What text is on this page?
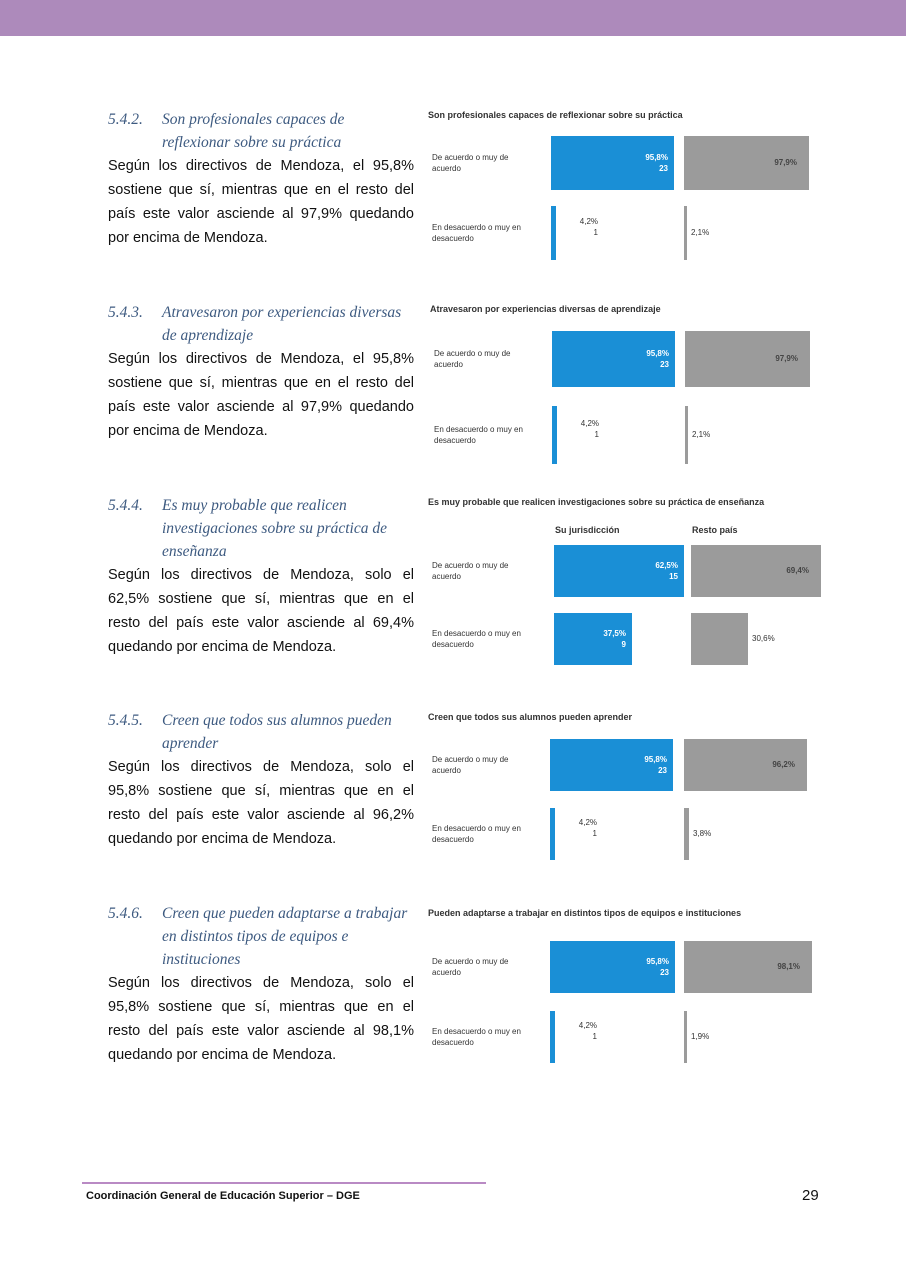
5.4.2.	Son profesionales capaces de reflexionar sobre su práctica

Según los directivos de Mendoza, el 95,8% sostiene que sí, mientras que en el resto del país este valor asciende al 97,9% quedando por encima de Mendoza.

Son profesionales capaces de reflexionar sobre su práctica
De acuerdo o muy de acuerdo
95,8%
23
97,9%
En desacuerdo o muy en desacuerdo
4,2%
1	2,1%
5.4.3.	Atravesaron por experiencias diversas de aprendizaje

Según los directivos de Mendoza, el 95,8% sostiene que sí, mientras que en el resto del país este valor asciende al 97,9% quedando por encima de Mendoza.

Atravesaron por experiencias diversas de aprendizaje
De acuerdo o muy de acuerdo
95,8%
23
97,9%
En desacuerdo o muy en desacuerdo
4,2%
1	2,1%
5.4.4.	Es muy probable que realicen investigaciones sobre su práctica de enseñanza

Según los directivos de Mendoza, solo el 62,5% sostiene que sí, mientras que en el resto del país este valor asciende al 69,4% quedando por encima de Mendoza.

Es muy probable que realicen investigaciones sobre su práctica de enseñanza
Su jurisdicción	Resto país
De acuerdo o muy de acuerdo
62,5%
15
69,4%
En desacuerdo o muy en desacuerdo
37,5%
9
30,6%
5.4.5.	Creen que todos sus alumnos pueden aprender

Según los directivos de Mendoza, solo el 95,8% sostiene que sí, mientras que en el resto del país este valor asciende al 96,2% quedando por encima de Mendoza.

Creen que todos sus alumnos pueden aprender
De acuerdo o muy de acuerdo
95,8%
23
96,2%
En desacuerdo o muy en desacuerdo
4,2%
1	3,8%
5.4.6.	Creen que pueden adaptarse a trabajar en distintos tipos de equipos e instituciones

Según los directivos de Mendoza, solo el 95,8% sostiene que sí, mientras que en el resto del país este valor asciende al 98,1% quedando por encima de Mendoza.

Pueden adaptarse a trabajar en distintos tipos de equipos e instituciones
De acuerdo o muy de acuerdo
95,8%
23
98,1%
En desacuerdo o muy en desacuerdo
4,2%
1	1,9%
Coordinación General de Educación Superior – DGE	29
